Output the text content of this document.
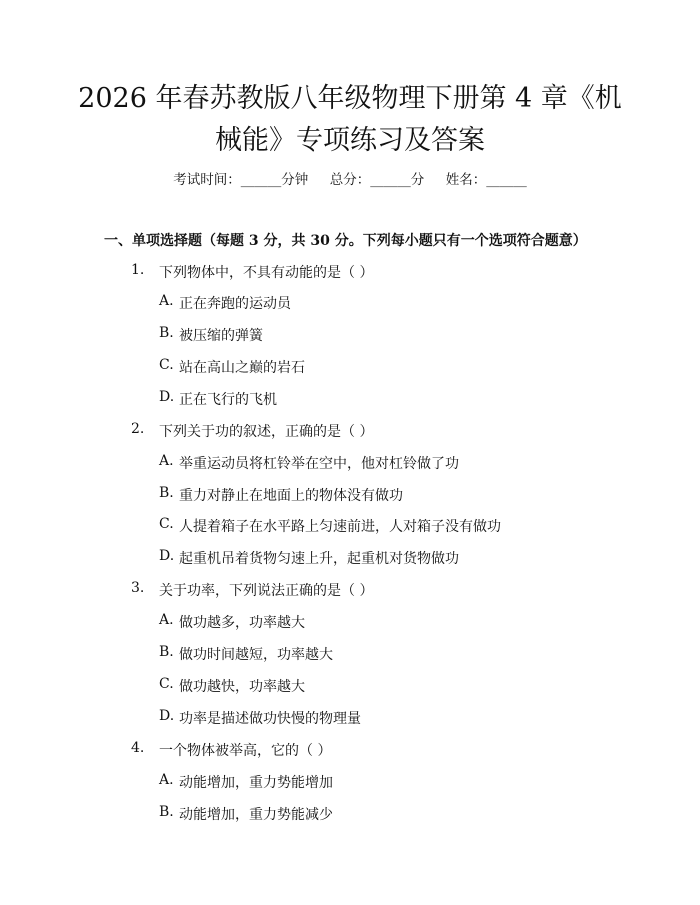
2026 年春苏教版八年级物理下册第 4 章《机
械能》专项练习及答案
考试时间：______分钟     总分：______分     姓名：______
一、单项选择题（每题 3 分，共 30 分。下列每小题只有一个选项符合题意）
1. 下列物体中，不具有动能的是（ ）
A. 正在奔跑的运动员
B. 被压缩的弹簧
C. 站在高山之巅的岩石
D. 正在飞行的飞机
2. 下列关于功的叙述，正确的是（ ）
A. 举重运动员将杠铃举在空中，他对杠铃做了功
B. 重力对静止在地面上的物体没有做功
C. 人提着箱子在水平路上匀速前进，人对箱子没有做功
D. 起重机吊着货物匀速上升，起重机对货物做功
3. 关于功率，下列说法正确的是（ ）
A. 做功越多，功率越大
B. 做功时间越短，功率越大
C. 做功越快，功率越大
D. 功率是描述做功快慢的物理量
4. 一个物体被举高，它的（ ）
A. 动能增加，重力势能增加
B. 动能增加，重力势能减少
